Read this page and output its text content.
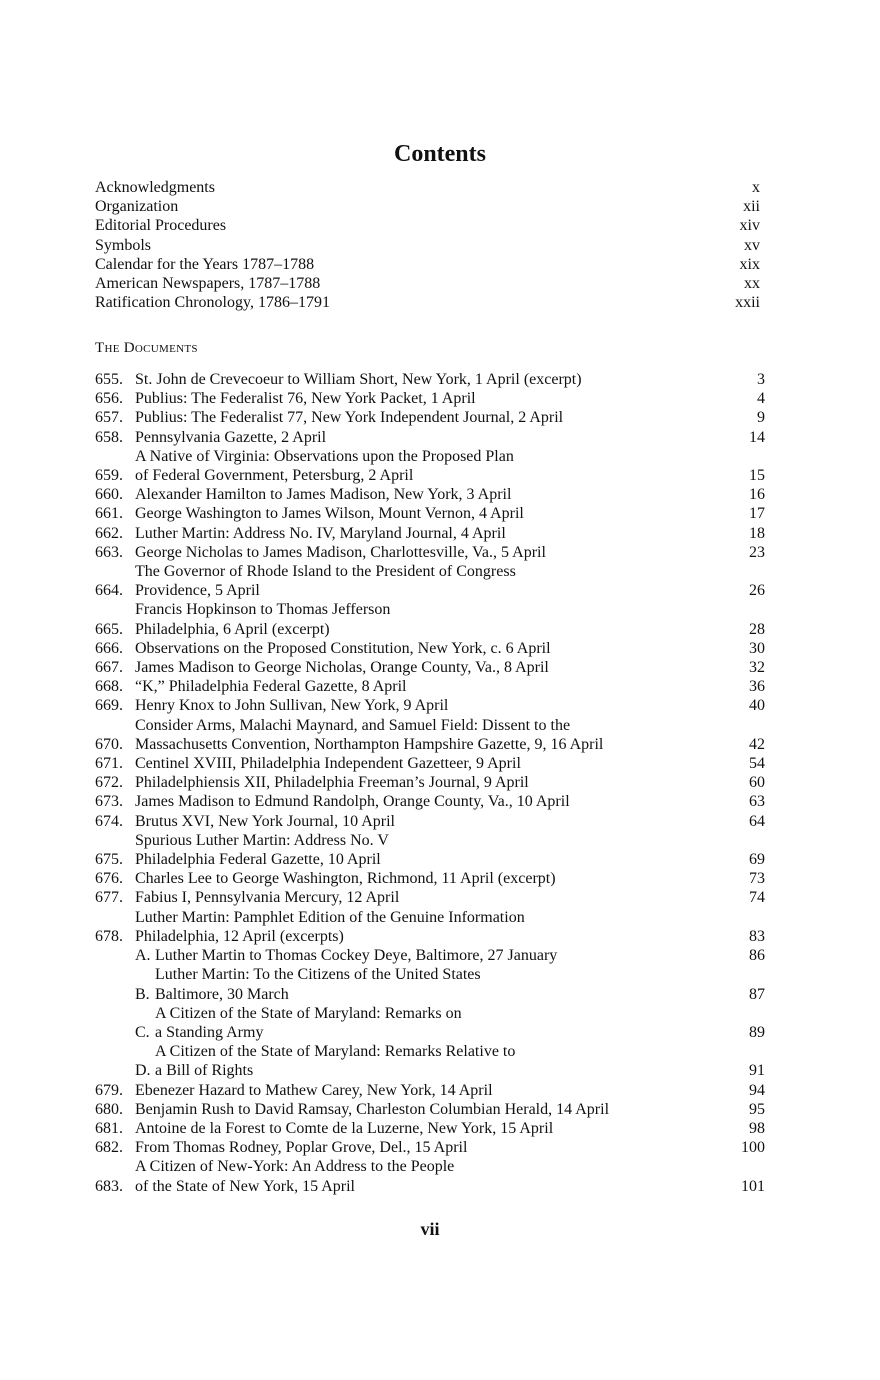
Contents
Acknowledgments	x
Organization	xii
Editorial Procedures	xiv
Symbols	xv
Calendar for the Years 1787–1788	xix
American Newspapers, 1787–1788	xx
Ratification Chronology, 1786–1791	xxii
The Documents
655. St. John de Crevecoeur to William Short, New York, 1 April (excerpt)	3
656. Publius: The Federalist 76, New York Packet, 1 April	4
657. Publius: The Federalist 77, New York Independent Journal, 2 April	9
658. Pennsylvania Gazette, 2 April	14
659.
A Native of Virginia: Observations upon the Proposed Plan
of Federal Government, Petersburg, 2 April	15
660. Alexander Hamilton to James Madison, New York, 3 April	16
661. George Washington to James Wilson, Mount Vernon, 4 April	17
662. Luther Martin: Address No. IV, Maryland Journal, 4 April	18
663. George Nicholas to James Madison, Charlottesville, Va., 5 April	23
664.
The Governor of Rhode Island to the President of Congress
Providence, 5 April	26
665.
Francis Hopkinson to Thomas Jefferson
Philadelphia, 6 April (excerpt)	28
666. Observations on the Proposed Constitution, New York, c. 6 April	30
667. James Madison to George Nicholas, Orange County, Va., 8 April	32
668. “K,” Philadelphia Federal Gazette, 8 April	36
669. Henry Knox to John Sullivan, New York, 9 April	40
670.
Consider Arms, Malachi Maynard, and Samuel Field: Dissent to the
Massachusetts Convention, Northampton Hampshire Gazette, 9, 16 April	42
671. Centinel XVIII, Philadelphia Independent Gazetteer, 9 April	54
672. Philadelphiensis XII, Philadelphia Freeman’s Journal, 9 April	60
673. James Madison to Edmund Randolph, Orange County, Va., 10 April	63
674. Brutus XVI, New York Journal, 10 April	64
675.
Spurious Luther Martin: Address No. V
Philadelphia Federal Gazette, 10 April	69
676. Charles Lee to George Washington, Richmond, 11 April (excerpt)	73
677. Fabius I, Pennsylvania Mercury, 12 April	74
678.
Luther Martin: Pamphlet Edition of the Genuine Information
Philadelphia, 12 April (excerpts)	83
A. Luther Martin to Thomas Cockey Deye, Baltimore, 27 January	86
B.
Luther Martin: To the Citizens of the United States
Baltimore, 30 March	87
C.
A Citizen of the State of Maryland: Remarks on
a Standing Army	89
D.
A Citizen of the State of Maryland: Remarks Relative to
a Bill of Rights	91
679. Ebenezer Hazard to Mathew Carey, New York, 14 April	94
680. Benjamin Rush to David Ramsay, Charleston Columbian Herald, 14 April	95
681. Antoine de la Forest to Comte de la Luzerne, New York, 15 April	98
682. From Thomas Rodney, Poplar Grove, Del., 15 April	100
683.
A Citizen of New-York: An Address to the People
of the State of New York, 15 April	101
vii
